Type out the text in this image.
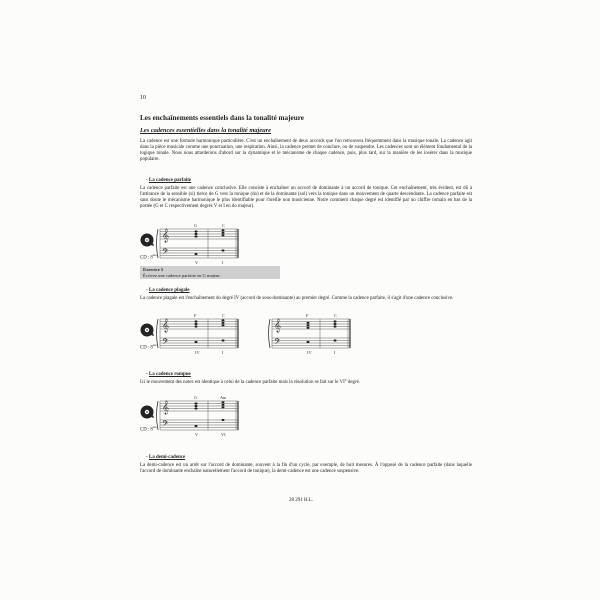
10
Les enchaînements essentiels dans la tonalité majeure
Les cadences essentielles dans la tonalité majeure
La cadence est une formule harmonique particulière. C'est un enchaînement de deux accords que l'on retrouvera fréquemment dans la musique tonale. La cadence agit dans la pièce musicale comme une ponctuation, une respiration. Ainsi, la cadence permet de conclure, ou de suspendre. Les cadences sont un élément fondamental de la logique tonale. Nous nous attarderons d'abord sur la dynamique et le mécanisme de chaque cadence, puis, plus tard, sur la manière de les insérer dans la musique populaire.
- La cadence parfaite
La cadence parfaite est une cadence conclusive. Elle consiste à enchaîner un accord de dominante à un accord de tonique. Cet enchaînement, très évident, est dû à l'attirance de la sensible (si) tierce de G vers la tonique (do) et de la dominante (sol) vers la tonique dans un mouvement de quarte descendante. La cadence parfaite est sans doute le mécanisme harmonique le plus identifiable pour l'oreille non musicienne. Notre comment chaque degré est identifié par un chiffre romain en bas de la portée (G et C respectivement degrés V et I en do majeur).
𝄞
𝄢
G	C
V	I
CD : $8^{ies}$
Exercice 5
Écrivez une cadence parfaite en G majeur.
- La cadence plagale
La cadence plagale est l'enchaînement du degré IV (accord de sous-dominante) au premier degré. Comme la cadence parfaite, il s'agit d'une cadence conclusive.
𝄞
𝄢
F	C
IV	I
𝄞
𝄢
F	C
IV	I
CD : $8^{ies}$
- La cadence rompue
Ici le mouvement des notes est identique à celui de la cadence parfaite mais la résolution se fait sur le VI° degré.
𝄞
𝄢
G	Am
V	VI
CD : $8^{ies}$
- La demi-cadence
La demi-cadence est un arrêt sur l'accord de dominante, souvent à la fin d'un cycle, par exemple, de huit mesures. À l'opposé de la cadence parfaite (dans laquelle l'accord de dominante enchaîne naturellement l'accord de tonique), la demi-cadence est une cadence suspensive.
28 291 H.L.
